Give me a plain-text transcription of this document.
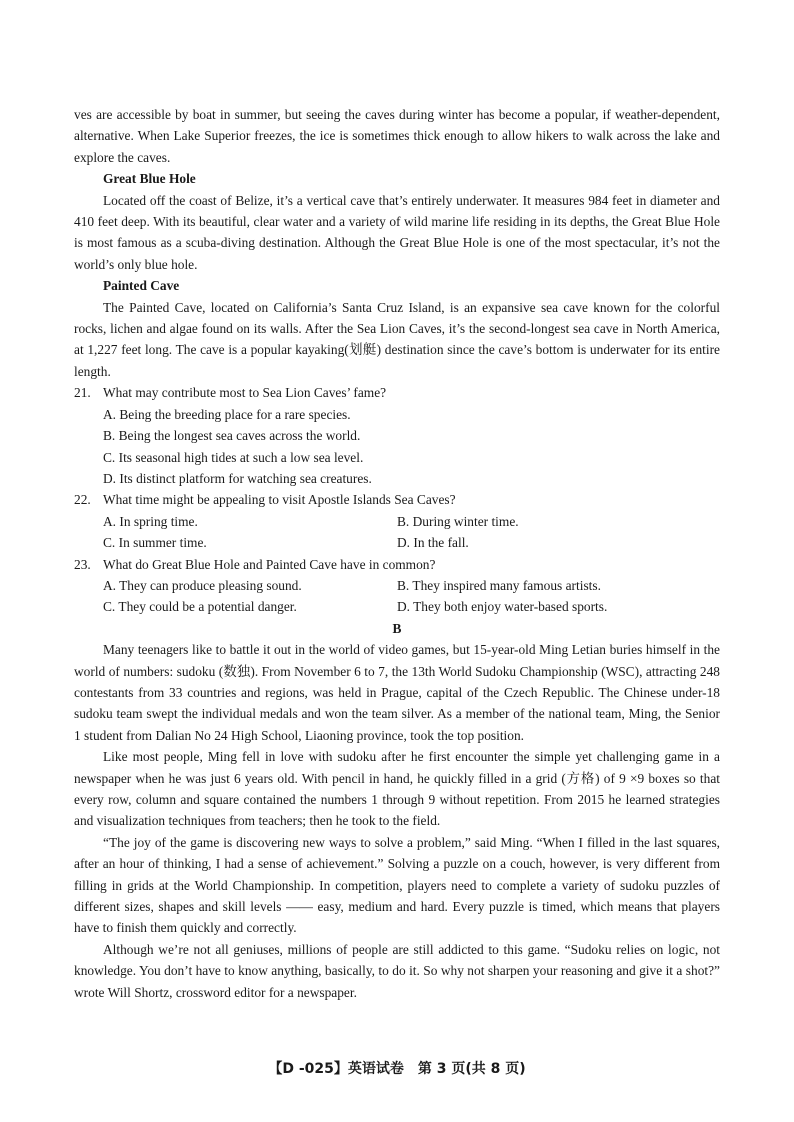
ves are accessible by boat in summer, but seeing the caves during winter has become a popular, if weather-dependent, alternative. When Lake Superior freezes, the ice is sometimes thick enough to allow hikers to walk across the lake and explore the caves.

Great Blue Hole

Located off the coast of Belize, it’s a vertical cave that’s entirely underwater. It measures 984 feet in diameter and 410 feet deep. With its beautiful, clear water and a variety of wild marine life residing in its depths, the Great Blue Hole is most famous as a scuba-diving destination. Although the Great Blue Hole is one of the most spectacular, it’s not the world’s only blue hole.

Painted Cave

The Painted Cave, located on California’s Santa Cruz Island, is an expansive sea cave known for the colorful rocks, lichen and algae found on its walls. After the Sea Lion Caves, it’s the second-longest sea cave in North America, at 1,227 feet long. The cave is a popular kayaking(划艇) destination since the cave’s bottom is underwater for its entire length.

21. What may contribute most to Sea Lion Caves’ fame?
A. Being the breeding place for a rare species.
B. Being the longest sea caves across the world.
C. Its seasonal high tides at such a low sea level.
D. Its distinct platform for watching sea creatures.
22. What time might be appealing to visit Apostle Islands Sea Caves?
A. In spring time.	B. During winter time.
C. In summer time.	D. In the fall.
23. What do Great Blue Hole and Painted Cave have in common?
A. They can produce pleasing sound.	B. They inspired many famous artists.
C. They could be a potential danger.	D. They both enjoy water-based sports.

B

Many teenagers like to battle it out in the world of video games, but 15-year-old Ming Letian buries himself in the world of numbers: sudoku (数独). From November 6 to 7, the 13th World Sudoku Championship (WSC), attracting 248 contestants from 33 countries and regions, was held in Prague, capital of the Czech Republic. The Chinese under-18 sudoku team swept the individual medals and won the team silver. As a member of the national team, Ming, the Senior 1 student from Dalian No 24 High School, Liaoning province, took the top position.

Like most people, Ming fell in love with sudoku after he first encounter the simple yet challenging game in a newspaper when he was just 6 years old. With pencil in hand, he quickly filled in a grid (方格) of 9 ×9 boxes so that every row, column and square contained the numbers 1 through 9 without repetition. From 2015 he learned strategies and visualization techniques from teachers; then he took to the field.

“The joy of the game is discovering new ways to solve a problem,” said Ming. “When I filled in the last squares, after an hour of thinking, I had a sense of achievement.” Solving a puzzle on a couch, however, is very different from filling in grids at the World Championship. In competition, players need to complete a variety of sudoku puzzles of different sizes, shapes and skill levels —— easy, medium and hard. Every puzzle is timed, which means that players have to finish them quickly and correctly.

Although we’re not all geniuses, millions of people are still addicted to this game. “Sudoku relies on logic, not knowledge. You don’t have to know anything, basically, to do it. So why not sharpen your reasoning and give it a shot?” wrote Will Shortz, crossword editor for a newspaper.

【D -025】英语试卷　第 3 页(共 8 页)
